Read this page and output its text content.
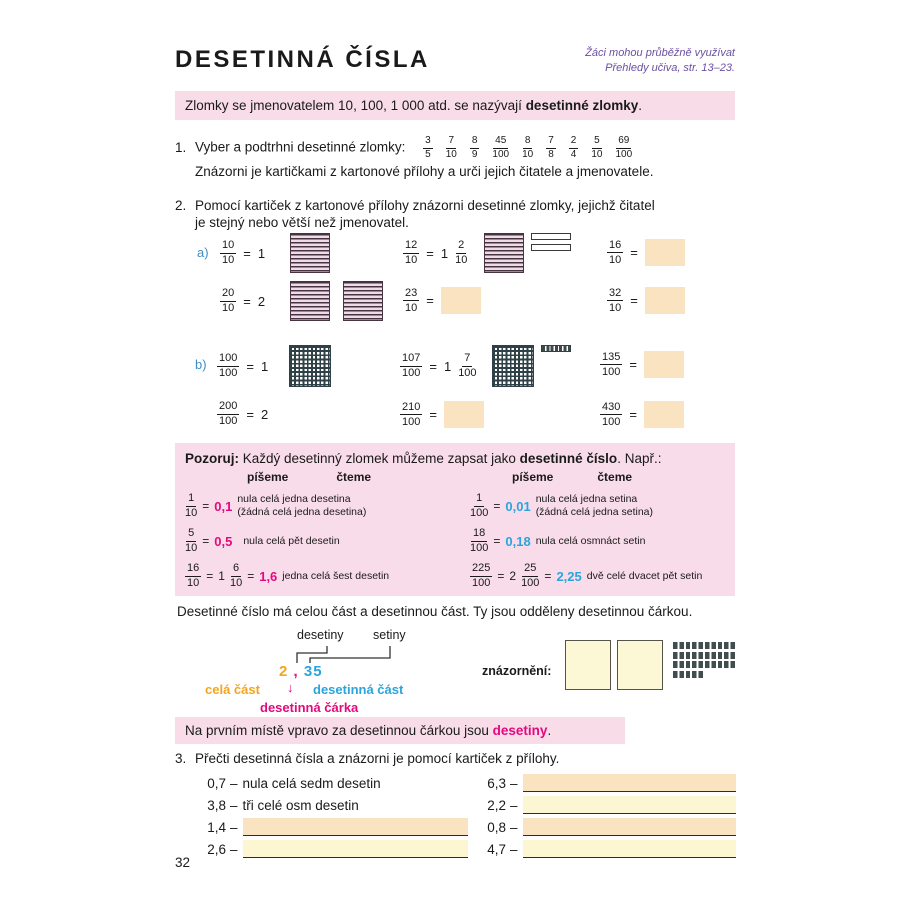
DESETINNÁ ČÍSLA	Žáci mohou průběžně využívat
Přehledy učiva, str. 13–23.
Zlomky se jmenovatelem 10, 100, 1 000 atd. se nazývají desetinné zlomky.
1. Vyber a podtrhni desetinné zlomky: $\frac{3}{5} \frac{7}{10} \frac{8}{9} \frac{45}{100} \frac{8}{10} \frac{7}{8} \frac{2}{4} \frac{5}{10} \frac{69}{100}$
Znázorni je kartičkami z kartonové přílohy a urči jejich čitatele a jmenovatele.
2. Pomocí kartiček z kartonové přílohy znázorni desetinné zlomky, jejichž čitatel
je stejný nebo větší než jmenovatel.
$a) \frac{10}{10} = 1$	$\frac{12}{10} = 1 \frac{2}{10}$	$\frac{16}{10}$ =
$\frac{20}{10} = 2$	$\frac{23}{10}$ =	$\frac{32}{10}$ =
$b) \frac{100}{100} = 1$	$\frac{107}{100} = 1 \frac{7}{100}$	$\frac{135}{100}$ =
$\frac{200}{100} = 2$	$\frac{210}{100}$ =	$\frac{430}{100}$ =
Pozoruj: Každý desetinný zlomek můžeme zapsat jako desetinné číslo. Např.:
píšeme	čteme
$\frac{1}{10} = 0,1$ nula celá jedna desetina
(žádná celá jedna desetina)
$\frac{5}{10} = 0,5$ nula celá pět desetin
$\frac{16}{10} = 1 \frac{6}{10} = 1,6$ jedna celá šest desetin
píšeme	čteme
$\frac{1}{100} = 0,01$ nula celá jedna setina
(žádná celá jedna setina)
$\frac{18}{100} = 0,18$ nula celá osmnáct setin
$\frac{225}{100} = 2 \frac{25}{100} = 2,25$ dvě celé dvacet pět setin
Desetinné číslo má celou část a desetinnou část. Ty jsou odděleny desetinnou čárkou.
desetiny setiny
2 , 35
celá část ↓ desetinná část
desetinná čárka
znázornění:
Na prvním místě vpravo za desetinnou čárkou jsou desetiny.
3. Přečti desetinná čísla a znázorni je pomocí kartiček z přílohy.
0,7 – nula celá sedm desetin
3,8 – tři celé osm desetin
1,4 –
2,6 –
6,3 –
2,2 –
0,8 –
4,7 –
32
